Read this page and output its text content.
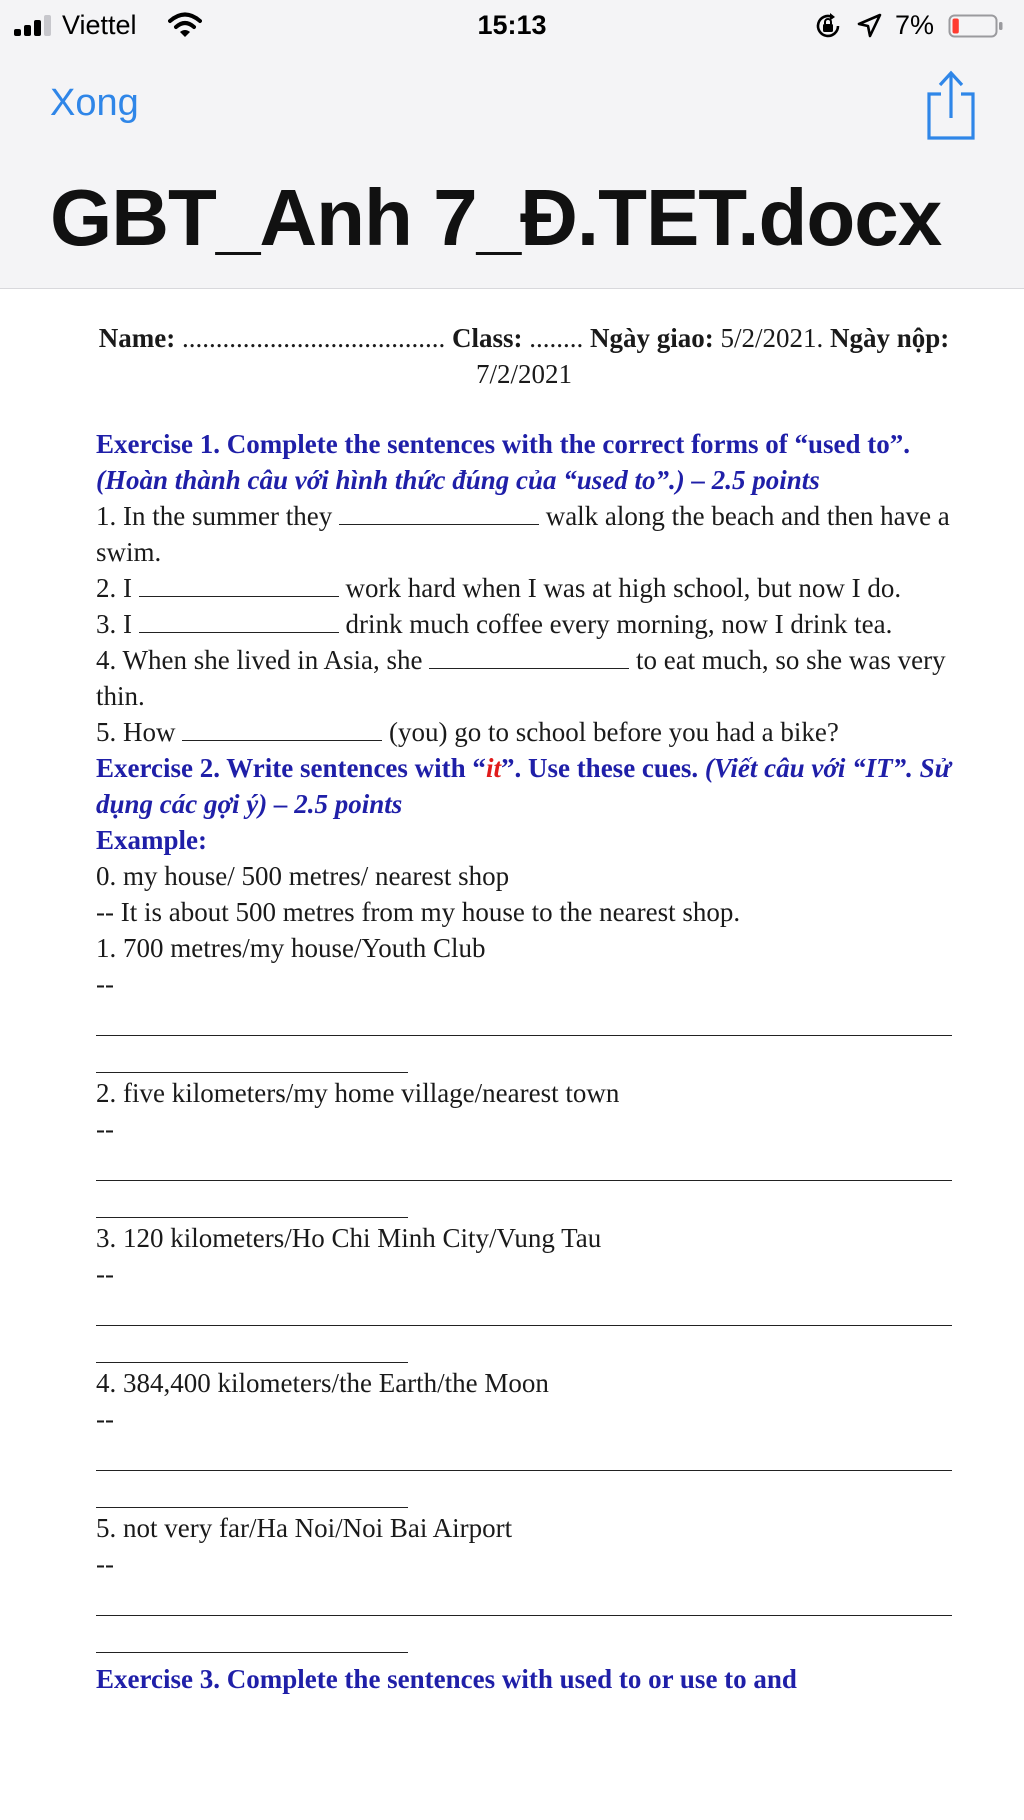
Viettel	15:13	7%
Xong
GBT_Anh 7_Đ.TET.docx

Name: ....................................... Class: ........ Ngày giao: 5/2/2021. Ngày nộp: 7/2/2021

Exercise 1. Complete the sentences with the correct forms of “used to”. (Hoàn thành câu với hình thức đúng của “used to”.) – 2.5 points

1. In the summer they	walk along the beach and then have a swim.

2. I	work hard when I was at high school, but now I do.

3. I	drink much coffee every morning, now I drink tea.

4. When she lived in Asia, she	to eat much, so she was very thin.

5. How	(you) go to school before you had a bike?

Exercise 2. Write sentences with “it”. Use these cues. (Viết câu với “IT”. Sử dụng các gợi ý) – 2.5 points

Example:

0. my house/ 500 metres/ nearest shop

-- It is about 500 metres from my house to the nearest shop.

1. 700 metres/my house/Youth Club

--

2. five kilometers/my home village/nearest town

--

3. 120 kilometers/Ho Chi Minh City/Vung Tau

--

4. 384,400 kilometers/the Earth/the Moon

--

5. not very far/Ha Noi/Noi Bai Airport

--

Exercise 3. Complete the sentences with used to or use to and
